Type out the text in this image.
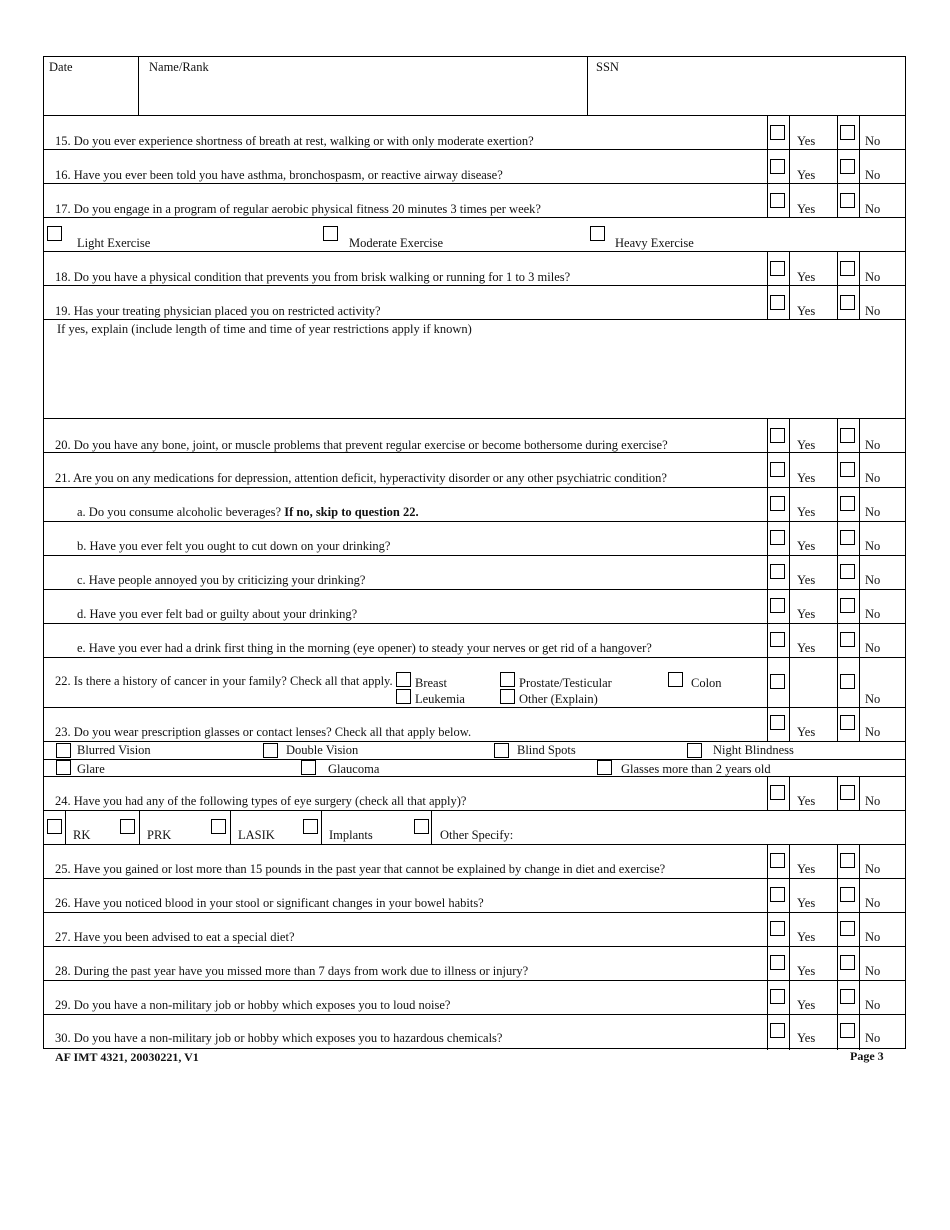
Date	Name/Rank	SSN
15. Do you ever experience shortness of breath at rest, walking or with only moderate exertion?	Yes	No
16. Have you ever been told you have asthma, bronchospasm, or reactive airway disease?	Yes	No
17. Do you engage in a program of regular aerobic physical fitness 20 minutes 3 times per week?	Yes	No
Light Exercise	Moderate Exercise	Heavy Exercise
18. Do you have a physical condition that prevents you from brisk walking or running for 1 to 3 miles?	Yes	No
19. Has your treating physician placed you on restricted activity?	Yes	No
If yes, explain (include length of time and time of year restrictions apply if known)
20. Do you have any bone, joint, or muscle problems that prevent regular exercise or become bothersome during exercise?	Yes	No
21. Are you on any medications for depression, attention deficit, hyperactivity disorder or any other psychiatric condition?	Yes	No
a. Do you consume alcoholic beverages? If no, skip to question 22.	Yes	No
b. Have you ever felt you ought to cut down on your drinking?	Yes	No
c. Have people annoyed you by criticizing your drinking?	Yes	No
d. Have you ever felt bad or guilty about your drinking?	Yes	No
e. Have you ever had a drink first thing in the morning (eye opener) to steady your nerves or get rid of a hangover?	Yes	No
22. Is there a history of cancer in your family? Check all that apply. Breast	Prostate/Testicular	Colon
Leukemia	Other (Explain)	No
23. Do you wear prescription glasses or contact lenses? Check all that apply below.	Yes	No
Blurred Vision	Double Vision	Blind Spots	Night Blindness
Glare	Glaucoma	Glasses more than 2 years old
24. Have you had any of the following types of eye surgery (check all that apply)?	Yes	No
RK	PRK	LASIK	Implants	Other Specify:
25. Have you gained or lost more than 15 pounds in the past year that cannot be explained by change in diet and exercise?	Yes	No
26. Have you noticed blood in your stool or significant changes in your bowel habits?	Yes	No
27. Have you been advised to eat a special diet?	Yes	No
28. During the past year have you missed more than 7 days from work due to illness or injury?	Yes	No
29. Do you have a non-military job or hobby which exposes you to loud noise?	Yes	No
30. Do you have a non-military job or hobby which exposes you to hazardous chemicals?	Yes	No
AF IMT 4321, 20030221, V1	Page 3
